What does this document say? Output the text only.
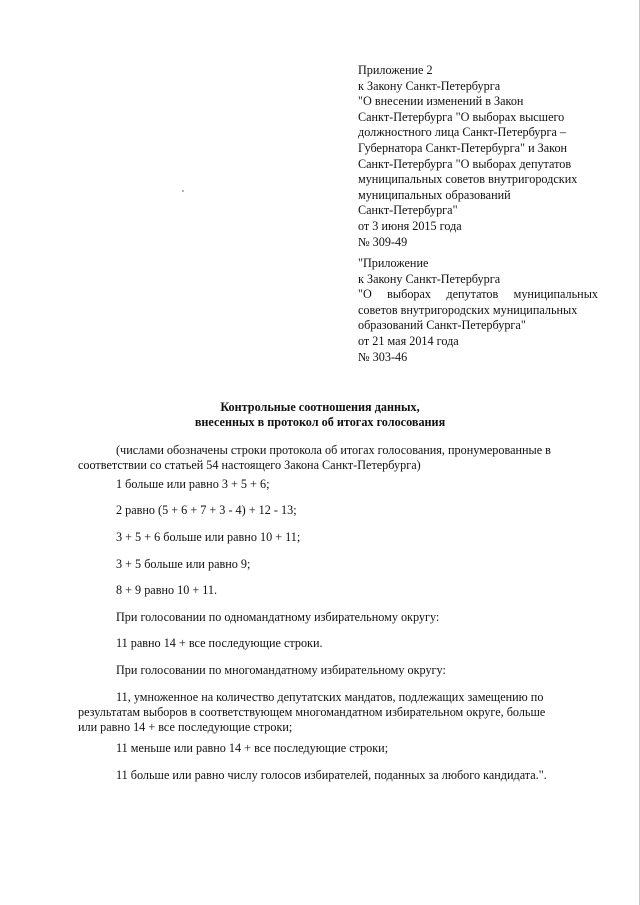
Приложение 2
к Закону Санкт-Петербурга
"О внесении изменений в Закон
Санкт-Петербурга "О выборах высшего
должностного лица Санкт-Петербурга –
Губернатора Санкт-Петербурга" и Закон
Санкт-Петербурга "О выборах депутатов
муниципальных советов внутригородских
муниципальных образований
Санкт-Петербурга"
от 3 июня 2015 года
№ 309-49
"Приложение
к Закону Санкт-Петербурга
"О выборах депутатов муниципальных
советов внутригородских муниципальных
образований Санкт-Петербурга"
от 21 мая 2014 года
№ 303-46
Контрольные соотношения данных,
внесенных в протокол об итогах голосования
(числами обозначены строки протокола об итогах голосования, пронумерованные в
соответствии со статьей 54 настоящего Закона Санкт-Петербурга)
1 больше или равно 3 + 5 + 6;
2 равно (5 + 6 + 7 + 3 - 4) + 12 - 13;
3 + 5 + 6 больше или равно 10 + 11;
3 + 5 больше или равно 9;
8 + 9 равно 10 + 11.
При голосовании по одномандатному избирательному округу:
11 равно 14 + все последующие строки.
При голосовании по многомандатному избирательному округу:
11, умноженное на количество депутатских мандатов, подлежащих замещению по
результатам выборов в соответствующем многомандатном избирательном округе, больше
или равно 14 + все последующие строки;
11 меньше или равно 14 + все последующие строки;
11 больше или равно числу голосов избирателей, поданных за любого кандидата.".
